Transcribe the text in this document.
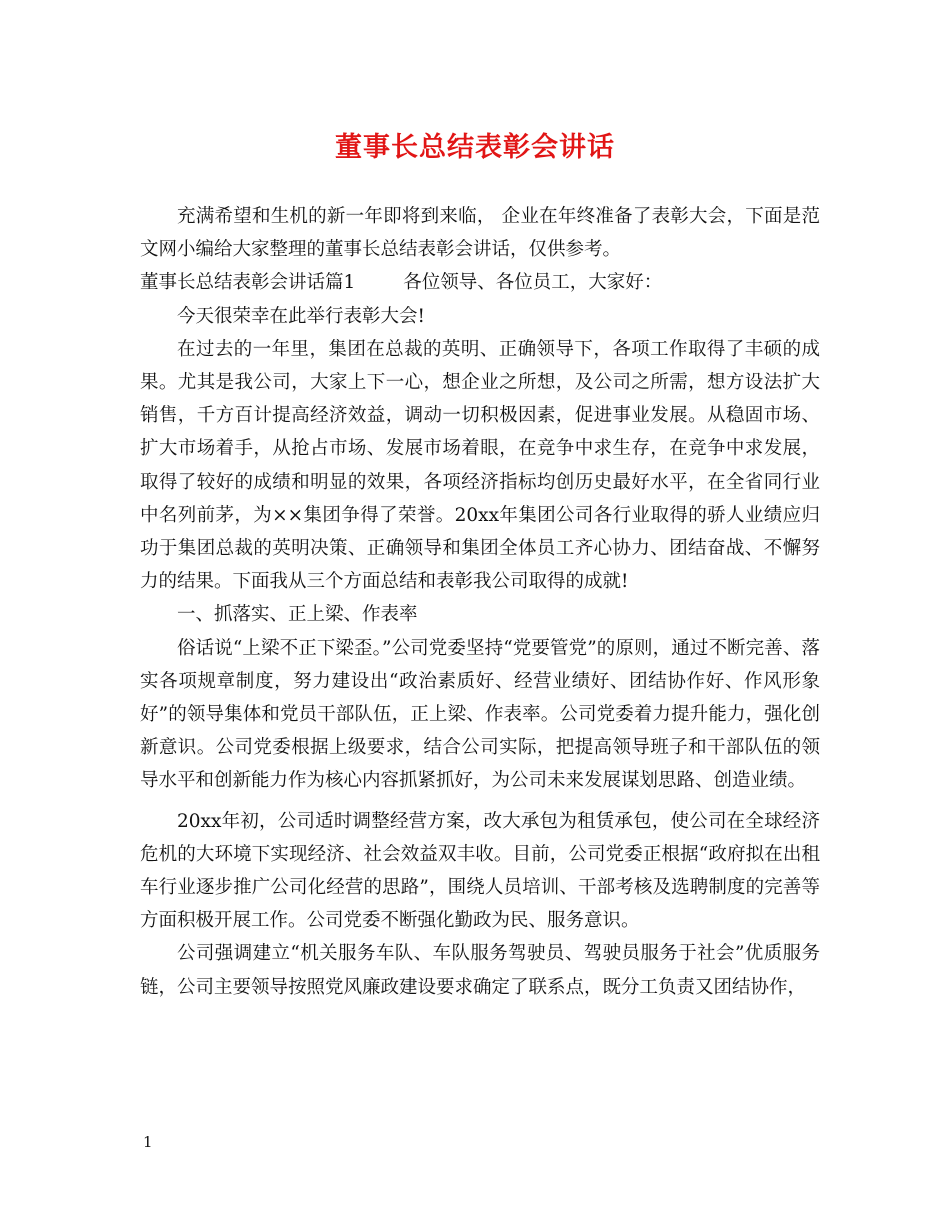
董事长总结表彰会讲话

充满希望和生机的新一年即将到来临， 企业在年终准备了表彰大会，下面是范文网小编给大家整理的董事长总结表彰会讲话，仅供参考。

董事长总结表彰会讲话篇1	各位领导、各位员工，大家好：

今天很荣幸在此举行表彰大会!

在过去的一年里，集团在总裁的英明、正确领导下，各项工作取得了丰硕的成果。尤其是我公司，大家上下一心，想企业之所想，及公司之所需，想方设法扩大销售，千方百计提高经济效益，调动一切积极因素，促进事业发展。从稳固市场、扩大市场着手，从抢占市场、发展市场着眼，在竞争中求生存，在竞争中求发展，取得了较好的成绩和明显的效果，各项经济指标均创历史最好水平，在全省同行业中名列前茅，为××集团争得了荣誉。20xx年集团公司各行业取得的骄人业绩应归功于集团总裁的英明决策、正确领导和集团全体员工齐心协力、团结奋战、不懈努力的结果。下面我从三个方面总结和表彰我公司取得的成就!

一、抓落实、正上梁、作表率

俗话说“上梁不正下梁歪。”公司党委坚持“党要管党”的原则，通过不断完善、落实各项规章制度，努力建设出“政治素质好、经营业绩好、团结协作好、作风形象好”的领导集体和党员干部队伍，正上梁、作表率。公司党委着力提升能力，强化创新意识。公司党委根据上级要求，结合公司实际，把提高领导班子和干部队伍的领导水平和创新能力作为核心内容抓紧抓好，为公司未来发展谋划思路、创造业绩。

20xx年初，公司适时调整经营方案，改大承包为租赁承包，使公司在全球经济危机的大环境下实现经济、社会效益双丰收。目前，公司党委正根据“政府拟在出租车行业逐步推广公司化经营的思路”，围绕人员培训、干部考核及选聘制度的完善等方面积极开展工作。公司党委不断强化勤政为民、服务意识。

公司强调建立“机关服务车队、车队服务驾驶员、驾驶员服务于社会”优质服务链，公司主要领导按照党风廉政建设要求确定了联系点，既分工负责又团结协作，

1
